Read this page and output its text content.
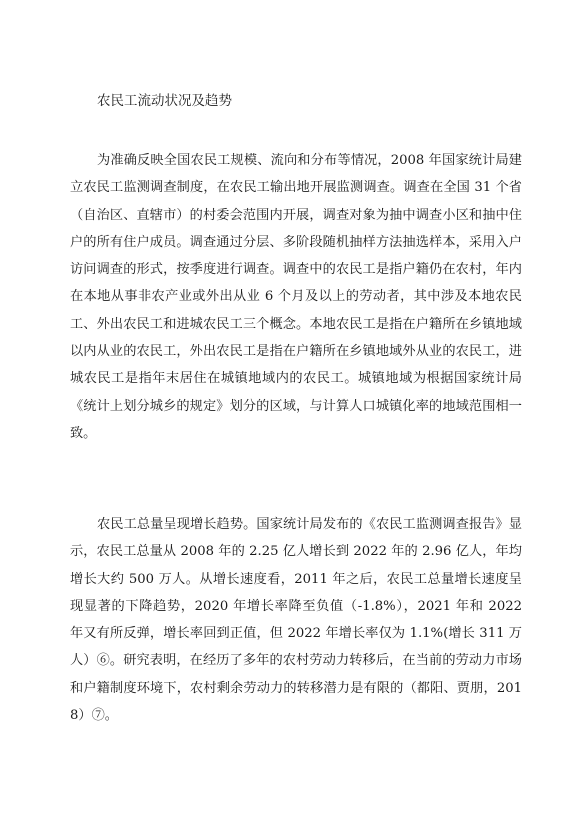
农民工流动状况及趋势

为准确反映全国农民工规模、流向和分布等情况，2008 年国家统计局建立农民工监测调查制度，在农民工输出地开展监测调查。调查在全国 31 个省（自治区、直辖市）的村委会范围内开展，调查对象为抽中调查小区和抽中住户的所有住户成员。调查通过分层、多阶段随机抽样方法抽选样本，采用入户访问调查的形式，按季度进行调查。调查中的农民工是指户籍仍在农村，年内在本地从事非农产业或外出从业 6 个月及以上的劳动者，其中涉及本地农民工、外出农民工和进城农民工三个概念。本地农民工是指在户籍所在乡镇地域以内从业的农民工，外出农民工是指在户籍所在乡镇地域外从业的农民工，进城农民工是指年末居住在城镇地域内的农民工。城镇地域为根据国家统计局《统计上划分城乡的规定》划分的区域，与计算人口城镇化率的地域范围相一致。

农民工总量呈现增长趋势。国家统计局发布的《农民工监测调查报告》显示，农民工总量从 2008 年的 2.25 亿人增长到 2022 年的 2.96 亿人，年均增长大约 500 万人。从增长速度看，2011 年之后，农民工总量增长速度呈现显著的下降趋势，2020 年增长率降至负值（-1.8%），2021 年和 2022 年又有所反弹，增长率回到正值，但 2022 年增长率仅为 1.1%(增长 311 万人）⑥。研究表明，在经历了多年的农村劳动力转移后，在当前的劳动力市场和户籍制度环境下，农村剩余劳动力的转移潜力是有限的（都阳、贾朋，2018）⑦。
